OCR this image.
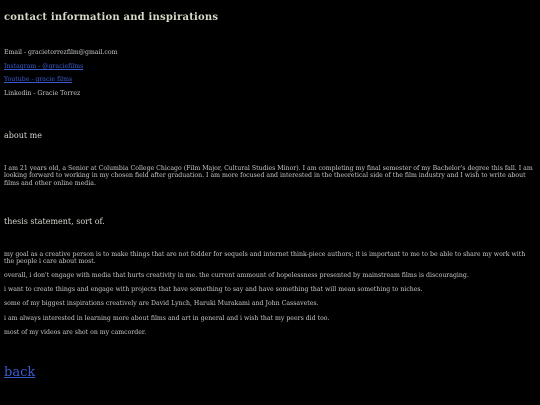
contact information and inspirations
Email - gracietorrezfilm@gmail.com
Instagram - @graciefilms
Youtube - gracie films
Linkedin - Gracie Torrez
about me
I am 21 years old, a Senior at Columbia College Chicago (Film Major, Cultural Studies Minor). I am completing my final semester of my Bachelor's degree this fall. I am looking forward to working in my chosen field after graduation. I am more focused and interested in the theoretical side of the film industry and I wish to write about films and other online media.
thesis statement, sort of.
my goal as a creative person is to make things that are not fodder for sequels and internet think-piece authors; it is important to me to be able to share my work with the people i care about most.
overall, i don't engage with media that hurts creativity in me. the current ammount of hopelessness presented by mainstream films is discouraging.
i want to create things and engage with projects that have something to say and have something that will mean something to niches.
some of my biggest inspirations creatively are David Lynch, Haruki Murakami and John Cassavetes.
i am always interested in learning more about films and art in general and i wish that my peers did too.
most of my videos are shot on my camcorder.
back
